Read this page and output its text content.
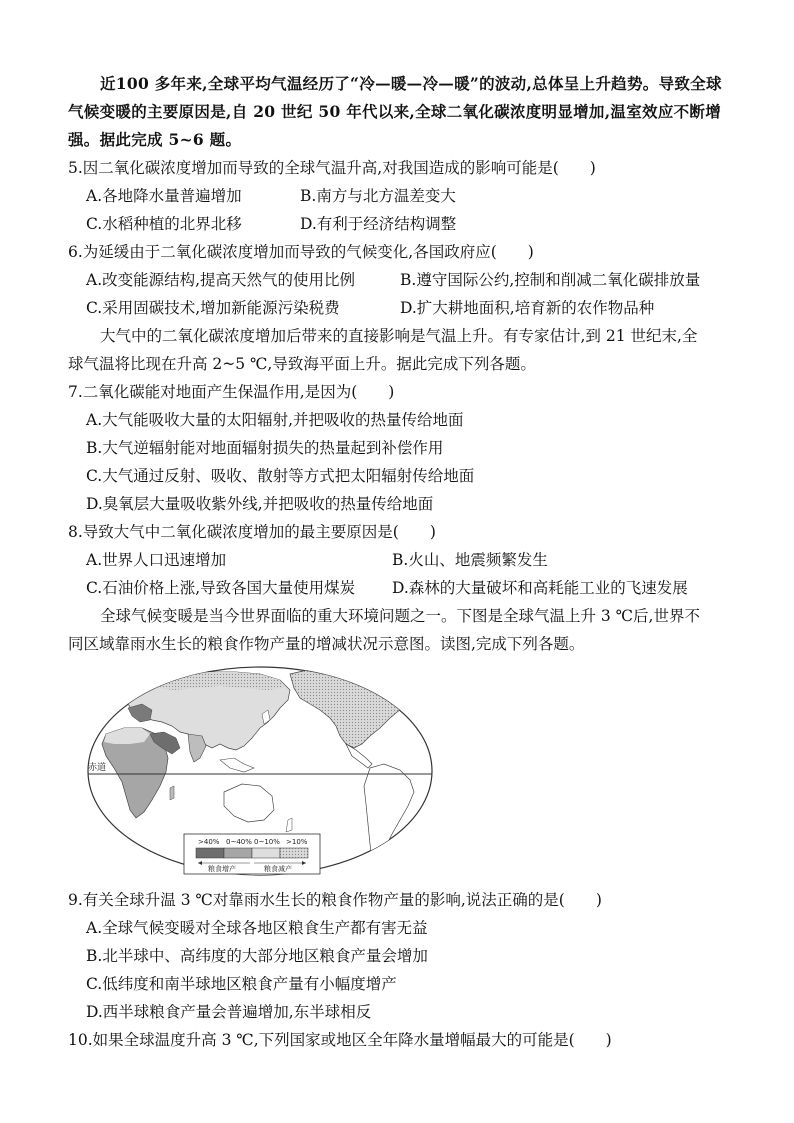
近100 多年来,全球平均气温经历了“冷—暖—冷—暖”的波动,总体呈上升趋势。导致全球
气候变暖的主要原因是,自 20 世纪 50 年代以来,全球二氧化碳浓度明显增加,温室效应不断增
强。据此完成 5~6 题。
5.因二氧化碳浓度增加而导致的全球气温升高,对我国造成的影响可能是(　　)
A.各地降水量普遍增加	B.南方与北方温差变大
C.水稻种植的北界北移	D.有利于经济结构调整
6.为延缓由于二氧化碳浓度增加而导致的气候变化,各国政府应(　　)
A.改变能源结构,提高天然气的使用比例	B.遵守国际公约,控制和削减二氧化碳排放量
C.采用固碳技术,增加新能源污染税费	D.扩大耕地面积,培育新的农作物品种
大气中的二氧化碳浓度增加后带来的直接影响是气温上升。有专家估计,到 21 世纪末,全
球气温将比现在升高 2~5 ℃,导致海平面上升。据此完成下列各题。
7.二氧化碳能对地面产生保温作用,是因为(　　)
A.大气能吸收大量的太阳辐射,并把吸收的热量传给地面
B.大气逆辐射能对地面辐射损失的热量起到补偿作用
C.大气通过反射、吸收、散射等方式把太阳辐射传给地面
D.臭氧层大量吸收紫外线,并把吸收的热量传给地面
8.导致大气中二氧化碳浓度增加的最主要原因是(　　)
A.世界人口迅速增加	B.火山、地震频繁发生
C.石油价格上涨,导致各国大量使用煤炭 D.森林的大量破坏和高耗能工业的飞速发展
全球气候变暖是当今世界面临的重大环境问题之一。下图是全球气温上升 3 ℃后,世界不
同区域靠雨水生长的粮食作物产量的增减状况示意图。读图,完成下列各题。
赤道
>40% 0~40% 0~10% >10%
粮食增产	粮食减产
9.有关全球升温 3 ℃对靠雨水生长的粮食作物产量的影响,说法正确的是(　　)
A.全球气候变暖对全球各地区粮食生产都有害无益
B.北半球中、高纬度的大部分地区粮食产量会增加
C.低纬度和南半球地区粮食产量有小幅度增产
D.西半球粮食产量会普遍增加,东半球相反
10.如果全球温度升高 3 ℃,下列国家或地区全年降水量增幅最大的可能是(　　)
